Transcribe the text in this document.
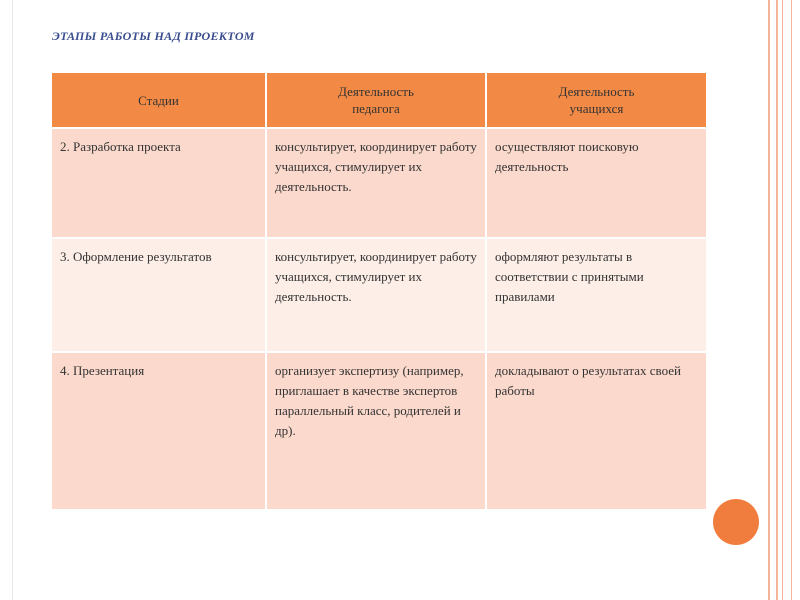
ЭТАПЫ РАБОТЫ НАД ПРОЕКТОМ
Стадии	Деятельность педагога	Деятельность учащихся
2. Разработка проекта	консультирует, координирует работу учащихся, стимулирует их деятельность.	осуществляют поисковую деятельность
3. Оформление результатов	консультирует, координирует работу учащихся, стимулирует их деятельность.	оформляют результаты в соответствии с принятыми правилами
4. Презентация	организует экспертизу (например, приглашает в качестве экспертов параллельный класс, родителей и др).	докладывают о результатах своей работы
